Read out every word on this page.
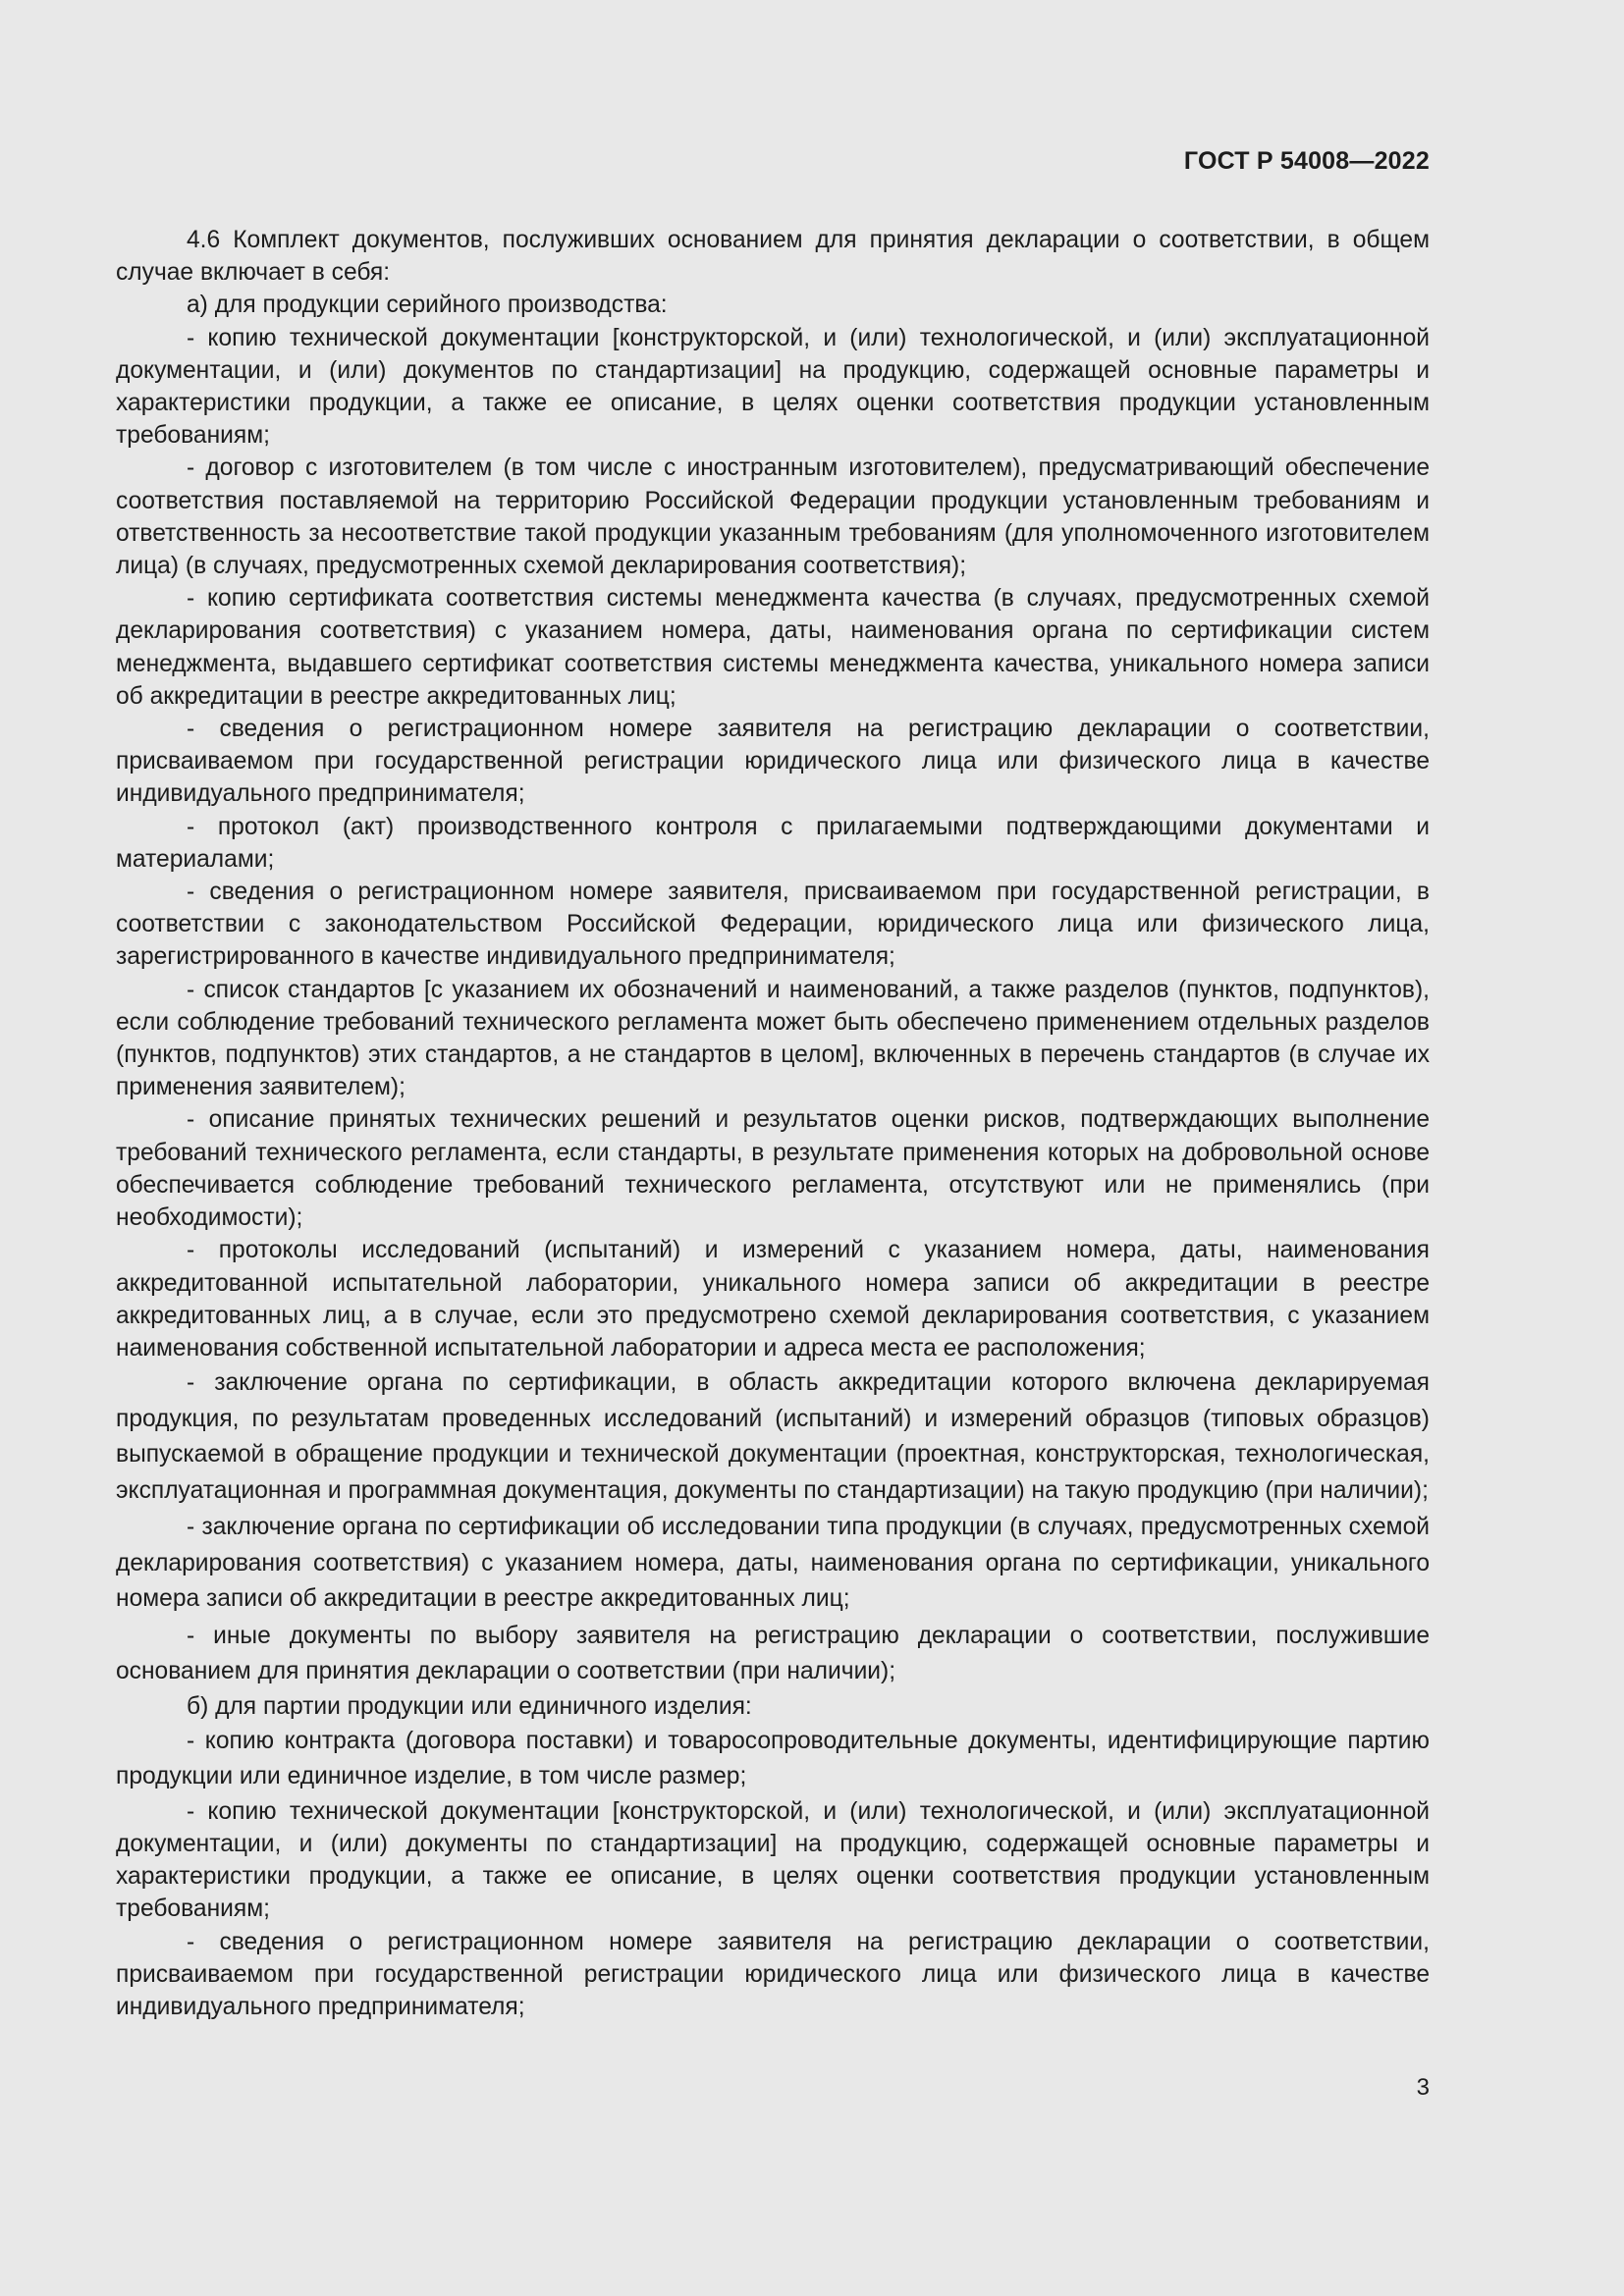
ГОСТ Р 54008—2022

4.6 Комплект документов, послуживших основанием для принятия декларации о соответствии, в общем случае включает в себя:

а) для продукции серийного производства:

- копию технической документации [конструкторской, и (или) технологической, и (или) эксплуатационной документации, и (или) документов по стандартизации] на продукцию, содержащей основные параметры и характеристики продукции, а также ее описание, в целях оценки соответствия продукции установленным требованиям;

- договор с изготовителем (в том числе с иностранным изготовителем), предусматривающий обеспечение соответствия поставляемой на территорию Российской Федерации продукции установленным требованиям и ответственность за несоответствие такой продукции указанным требованиям (для уполномоченного изготовителем лица) (в случаях, предусмотренных схемой декларирования соответствия);

- копию сертификата соответствия системы менеджмента качества (в случаях, предусмотренных схемой декларирования соответствия) с указанием номера, даты, наименования органа по сертификации систем менеджмента, выдавшего сертификат соответствия системы менеджмента качества, уникального номера записи об аккредитации в реестре аккредитованных лиц;

- сведения о регистрационном номере заявителя на регистрацию декларации о соответствии, присваиваемом при государственной регистрации юридического лица или физического лица в качестве индивидуального предпринимателя;

- протокол (акт) производственного контроля с прилагаемыми подтверждающими документами и материалами;

- сведения о регистрационном номере заявителя, присваиваемом при государственной регистрации, в соответствии с законодательством Российской Федерации, юридического лица или физического лица, зарегистрированного в качестве индивидуального предпринимателя;

- список стандартов [с указанием их обозначений и наименований, а также разделов (пунктов, подпунктов), если соблюдение требований технического регламента может быть обеспечено применением отдельных разделов (пунктов, подпунктов) этих стандартов, а не стандартов в целом], включенных в перечень стандартов (в случае их применения заявителем);

- описание принятых технических решений и результатов оценки рисков, подтверждающих выполнение требований технического регламента, если стандарты, в результате применения которых на добровольной основе обеспечивается соблюдение требований технического регламента, отсутствуют или не применялись (при необходимости);

- протоколы исследований (испытаний) и измерений с указанием номера, даты, наименования аккредитованной испытательной лаборатории, уникального номера записи об аккредитации в реестре аккредитованных лиц, а в случае, если это предусмотрено схемой декларирования соответствия, с указанием наименования собственной испытательной лаборатории и адреса места ее расположения;

- заключение органа по сертификации, в область аккредитации которого включена декларируемая продукция, по результатам проведенных исследований (испытаний) и измерений образцов (типовых образцов) выпускаемой в обращение продукции и технической документации (проектная, конструкторская, технологическая, эксплуатационная и программная документация, документы по стандартизации) на такую продукцию (при наличии);

- заключение органа по сертификации об исследовании типа продукции (в случаях, предусмотренных схемой декларирования соответствия) с указанием номера, даты, наименования органа по сертификации, уникального номера записи об аккредитации в реестре аккредитованных лиц;

- иные документы по выбору заявителя на регистрацию декларации о соответствии, послужившие основанием для принятия декларации о соответствии (при наличии);

б) для партии продукции или единичного изделия:

- копию контракта (договора поставки) и товаросопроводительные документы, идентифицирующие партию продукции или единичное изделие, в том числе размер;

- копию технической документации [конструкторской, и (или) технологической, и (или) эксплуатационной документации, и (или) документы по стандартизации] на продукцию, содержащей основные параметры и характеристики продукции, а также ее описание, в целях оценки соответствия продукции установленным требованиям;

- сведения о регистрационном номере заявителя на регистрацию декларации о соответствии, присваиваемом при государственной регистрации юридического лица или физического лица в качестве индивидуального предпринимателя;

3
